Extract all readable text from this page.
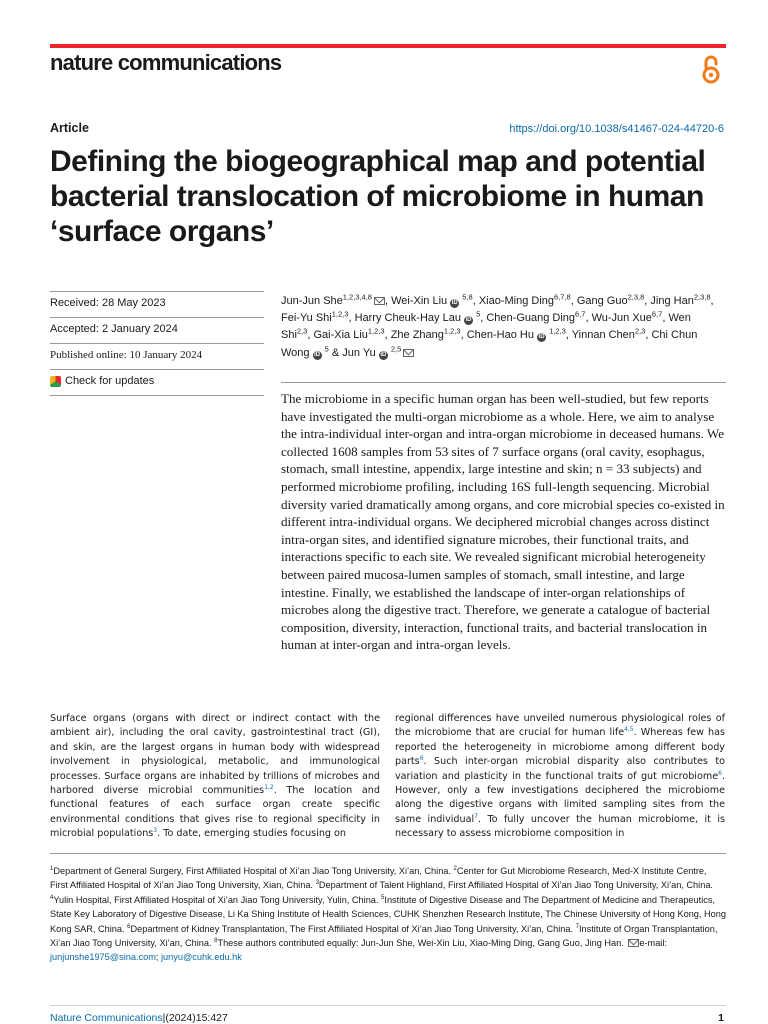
nature communications
Article	https://doi.org/10.1038/s41467-024-44720-6
Defining the biogeographical map and potential bacterial translocation of microbiome in human ‘surface organs’
Received: 28 May 2023
Accepted: 2 January 2024
Published online: 10 January 2024
Check for updates
Jun-Jun She$^{1,2,3,4,8}$ , Wei-Xin Liu iD $^{5,8}$, Xiao-Ming Ding$^{6,7,8}$, Gang Guo$^{2,3,8}$, Jing Han$^{2,3,8}$, Fei-Yu Shi$^{1,2,3}$, Harry Cheuk-Hay Lau iD $^5$, Chen-Guang Ding$^{6,7}$, Wu-Jun Xue$^{6,7}$, Wen Shi$^{2,3}$, Gai-Xia Liu$^{1,2,3}$, Zhe Zhang$^{1,2,3}$, Chen-Hao Hu iD $^{1,2,3}$, Yinnan Chen$^{2,3}$, Chi Chun Wong iD $^5$ & Jun Yu iD $^{2,5}$
The microbiome in a specific human organ has been well-studied, but few reports have investigated the multi-organ microbiome as a whole. Here, we aim to analyse the intra-individual inter-organ and intra-organ microbiome in deceased humans. We collected 1608 samples from 53 sites of 7 surface organs (oral cavity, esophagus, stomach, small intestine, appendix, large intestine and skin; n = 33 subjects) and performed microbiome profiling, including 16S full-length sequencing. Microbial diversity varied dramatically among organs, and core microbial species co-existed in different intra-individual organs. We deciphered microbial changes across distinct intra-organ sites, and identified signature microbes, their functional traits, and interactions specific to each site. We revealed significant microbial heterogeneity between paired mucosa-lumen samples of stomach, small intestine, and large intestine. Finally, we established the landscape of inter-organ relationships of microbes along the digestive tract. Therefore, we generate a catalogue of bacterial composition, diversity, interaction, functional traits, and bacterial translocation in human at inter-organ and intra-organ levels.
Surface organs (organs with direct or indirect contact with the ambient air), including the oral cavity, gastrointestinal tract (GI), and skin, are the largest organs in human body with widespread involvement in physiological, metabolic, and immunological processes. Surface organs are inhabited by trillions of microbes and harbored diverse microbial communities$^{1,2}$. The location and functional features of each surface organ create specific environmental conditions that gives rise to regional specificity in microbial populations$^3$. To date, emerging studies focusing on
regional differences have unveiled numerous physiological roles of the microbiome that are crucial for human life$^{4,5}$. Whereas few has reported the heterogeneity in microbiome among different body parts$^6$. Such inter-organ microbial disparity also contributes to variation and plasticity in the functional traits of gut microbiome$^6$. However, only a few investigations deciphered the microbiome along the digestive organs with limited sampling sites from the same individual$^7$. To fully uncover the human microbiome, it is necessary to assess microbiome composition in
$^1$Department of General Surgery, First Affiliated Hospital of Xi’an Jiao Tong University, Xi’an, China. $^2$Center for Gut Microbiome Research, Med-X Institute Centre, First Affiliated Hospital of Xi’an Jiao Tong University, Xian, China. $^3$Department of Talent Highland, First Affiliated Hospital of Xi’an Jiao Tong University, Xi’an, China. $^4$Yulin Hospital, First Affiliated Hospital of Xi’an Jiao Tong University, Yulin, China. $^5$Institute of Digestive Disease and The Department of Medicine and Therapeutics, State Key Laboratory of Digestive Disease, Li Ka Shing Institute of Health Sciences, CUHK Shenzhen Research Institute, The Chinese University of Hong Kong, Hong Kong SAR, China. $^6$Department of Kidney Transplantation, The First Affiliated Hospital of Xi’an Jiao Tong University, Xi’an, China. $^7$Institute of Organ Transplantation, Xi’an Jiao Tong University, Xi’an, China. $^8$These authors contributed equally: Jun-Jun She, Wei-Xin Liu, Xiao-Ming Ding, Gang Guo, Jing Han. e-mail: junjunshe1975@sina.com; junyu@cuhk.edu.hk
Nature Communications|(2024)15:427	1
